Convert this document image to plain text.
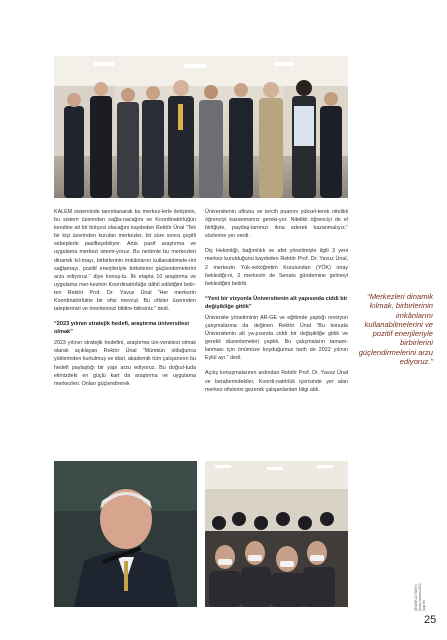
KALEM sisteminde tanımlanarak bu merkez-lerle iletişimin, bu sistem üzerinden sağla-nacağını ve Koordinatörlüğün kendine ait bir bütçesi olacağını kaydeden Rektör Ünal “Tek bir kişi üzerinden kurulan merkezler, bir süre sonra çeşitli sebeplerle pasifleşebiliyor. Artık pasif araştırma ve uygulama merkezi istemi-yoruz. Bu nedenle bu merkezleri dinamik kıl-mayı, birbirlerinin imkânlarını kullanabilmele-rini sağlamayı, pozitif enerjileriyle birbirlerini güçlendirmelerini arzu ediyoruz.” diye konuş-tu. İlk etapta 10 araştırma ve uygulama mer-kezinin Koordinatörlüğe dâhil edildiğini belir-ten Rektör Prof. Dr. Yavuz Ünal “Her merkezin Koordinatörlükte bir ofisi mevcut. Bu ofisler üzerinden taleplerinizi ve önerilerinizi bildire-bilirsiniz.” dedi.

“2023 yılının stratejik hedefi, araştırma üniversitesi olmak”

2023 yılının stratejik hedefini, araştırma üni-versitesi olmak olarak açıklayan Rektör Ünal “Mümkün olduğunca yüklerinden kurtulmuş ve idari, akademik tüm çalışanının bu hedefi paylaştığı bir yapı arzu ediyoruz. Bu doğrul-tuda elimizdeki en güçlü kart da araştırma ve uygulama merkezleri. Onları güçlendirerek

Üniversitenin ufkunu ve tercih puanını yüksel-terek nitelikli öğrenciyi kazanmamız gereki-yor. Nitelikli öğrenciyi de el birliğiyle, paydaş-larımızı ikna ederek kazanmalıyız.” sözlerine yer verdi.

Diş Hekimliği, bağımlılık ve afet yönetimiyle ilgili 3 yeni merkez kurulduğunu kaydeden Rektör Prof. Dr. Yavuz Ünal, 2 merkezin Yük-seköğretim Kurulundan (YÖK) onay beklediği-ni, 3 merkezin de Senato gündemine gelmeyi beklediğini belirtti.

“Yeni bir vizyonla Üniversitenin alt yapısında ciddi bir değişikliğe gittik”

Üniversite yönetiminin AR-GE ve eğitimde yaptığı revizyon çalışmalarına da değinen Rektör Ünal “Bu konuda Üniversitenin alt ya-pısında ciddi bir değişikliğe gittik ve gerekli düzenlemeleri yaptık. Bu çalışmaların tamam-lanması için önümüze koyduğumuz tarih de 2022 yılının Eylül ayı.” dedi.

Açılış konuşmalarının ardından Rektör Prof. Dr. Yavuz Ünal ve beraberindekiler, Koordi-natörlük içerisinde yer alan merkez ofislerini gezerek çalışanlardan bilgi aldı.

“Merkezleri dinamik kılmak, birbirlerinin imkânlarını kullanabilmelerini ve pozitif enerjileriyle birbirlerini güçlendirmelerini arzu ediyoruz.”
ONDOKUZ MAYIS
Ocak-Haziran 2022
Sayı 84
25
